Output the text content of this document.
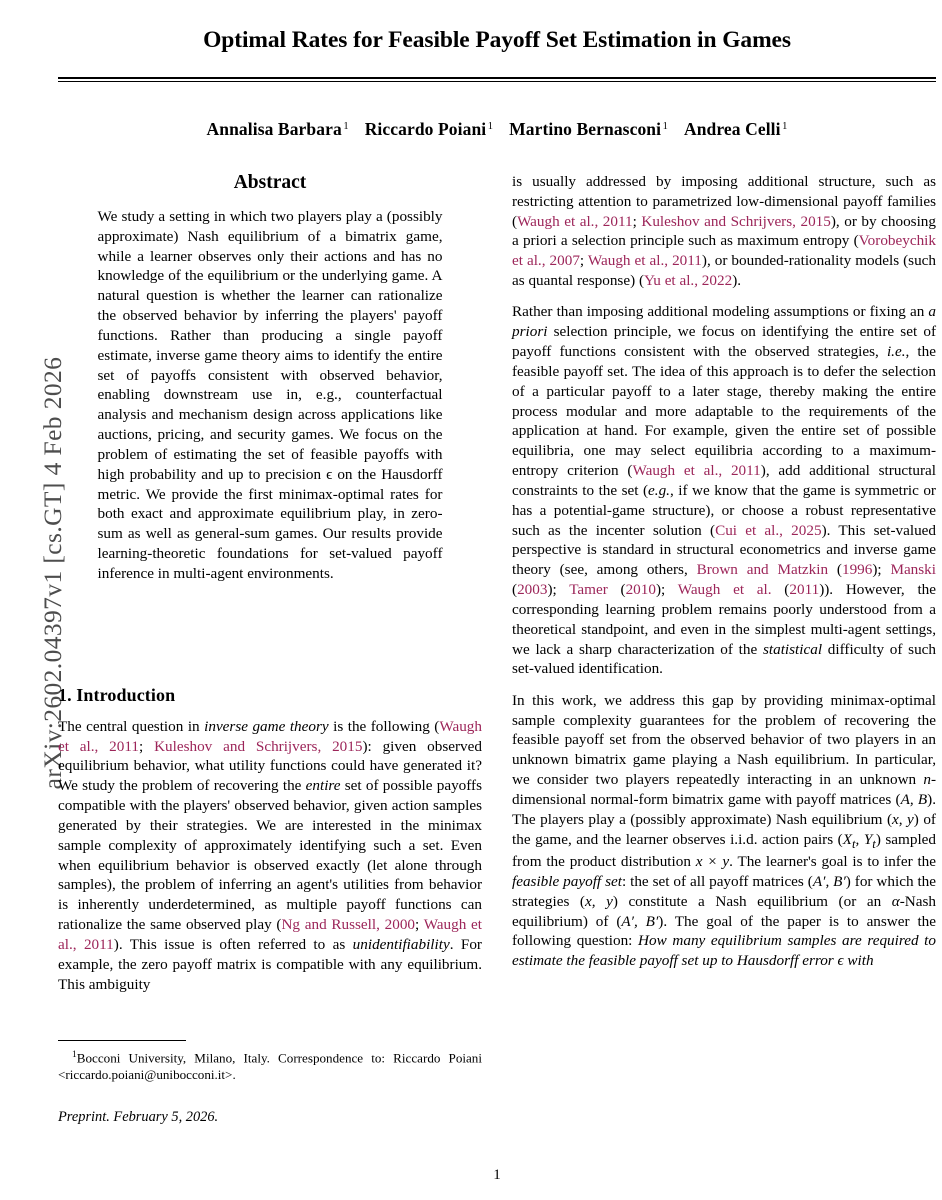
arXiv:2602.04397v1 [cs.GT] 4 Feb 2026
Optimal Rates for Feasible Payoff Set Estimation in Games
Annalisa Barbara $^1$ Riccardo Poiani $^1$ Martino Bernasconi $^1$ Andrea Celli $^1$
Abstract

We study a setting in which two players play a (possibly approximate) Nash equilibrium of a bimatrix game, while a learner observes only their actions and has no knowledge of the equilibrium or the underlying game. A natural question is whether the learner can rationalize the observed behavior by inferring the players' payoff functions. Rather than producing a single payoff estimate, inverse game theory aims to identify the entire set of payoffs consistent with observed behavior, enabling downstream use in, e.g., counterfactual analysis and mechanism design across applications like auctions, pricing, and security games. We focus on the problem of estimating the set of feasible payoffs with high probability and up to precision ϵ on the Hausdorff metric. We provide the first minimax-optimal rates for both exact and approximate equilibrium play, in zero-sum as well as general-sum games. Our results provide learning-theoretic foundations for set-valued payoff inference in multi-agent environments.

1. Introduction

The central question in inverse game theory is the following (Waugh et al., 2011; Kuleshov and Schrijvers, 2015): given observed equilibrium behavior, what utility functions could have generated it? We study the problem of recovering the entire set of possible payoffs compatible with the players' observed behavior, given action samples generated by their strategies. We are interested in the minimax sample complexity of approximately identifying such a set. Even when equilibrium behavior is observed exactly (let alone through samples), the problem of inferring an agent's utilities from behavior is inherently underdetermined, as multiple payoff functions can rationalize the same observed play (Ng and Russell, 2000; Waugh et al., 2011). This issue is often referred to as unidentifiability. For example, the zero payoff matrix is compatible with any equilibrium. This ambiguity

$^1$Bocconi University, Milano, Italy. Correspondence to: Riccardo Poiani <riccardo.poiani@unibocconi.it>.

Preprint. February 5, 2026.

is usually addressed by imposing additional structure, such as restricting attention to parametrized low-dimensional payoff families (Waugh et al., 2011; Kuleshov and Schrijvers, 2015), or by choosing a priori a selection principle such as maximum entropy (Vorobeychik et al., 2007; Waugh et al., 2011), or bounded-rationality models (such as quantal response) (Yu et al., 2022).

Rather than imposing additional modeling assumptions or fixing an a priori selection principle, we focus on identifying the entire set of payoff functions consistent with the observed strategies, i.e., the feasible payoff set. The idea of this approach is to defer the selection of a particular payoff to a later stage, thereby making the entire process modular and more adaptable to the requirements of the application at hand. For example, given the entire set of possible equilibria, one may select equilibria according to a maximum-entropy criterion (Waugh et al., 2011), add additional structural constraints to the set (e.g., if we know that the game is symmetric or has a potential-game structure), or choose a robust representative such as the incenter solution (Cui et al., 2025). This set-valued perspective is standard in structural econometrics and inverse game theory (see, among others, Brown and Matzkin (1996); Manski (2003); Tamer (2010); Waugh et al. (2011)). However, the corresponding learning problem remains poorly understood from a theoretical standpoint, and even in the simplest multi-agent settings, we lack a sharp characterization of the statistical difficulty of such set-valued identification.

In this work, we address this gap by providing minimax-optimal sample complexity guarantees for the problem of recovering the feasible payoff set from the observed behavior of two players in an unknown bimatrix game playing a Nash equilibrium. In particular, we consider two players repeatedly interacting in an unknown n-dimensional normal-form bimatrix game with payoff matrices (A, B). The players play a (possibly approximate) Nash equilibrium (x, y) of the game, and the learner observes i.i.d. action pairs ($X_t$, $Y_t$) sampled from the product distribution x × y. The learner's goal is to infer the feasible payoff set: the set of all payoff matrices (A′, B′) for which the strategies (x, y) constitute a Nash equilibrium (or an α-Nash equilibrium) of (A′, B′). The goal of the paper is to answer the following question: How many equilibrium samples are required to estimate the feasible payoff set up to Hausdorff error ϵ with

1
